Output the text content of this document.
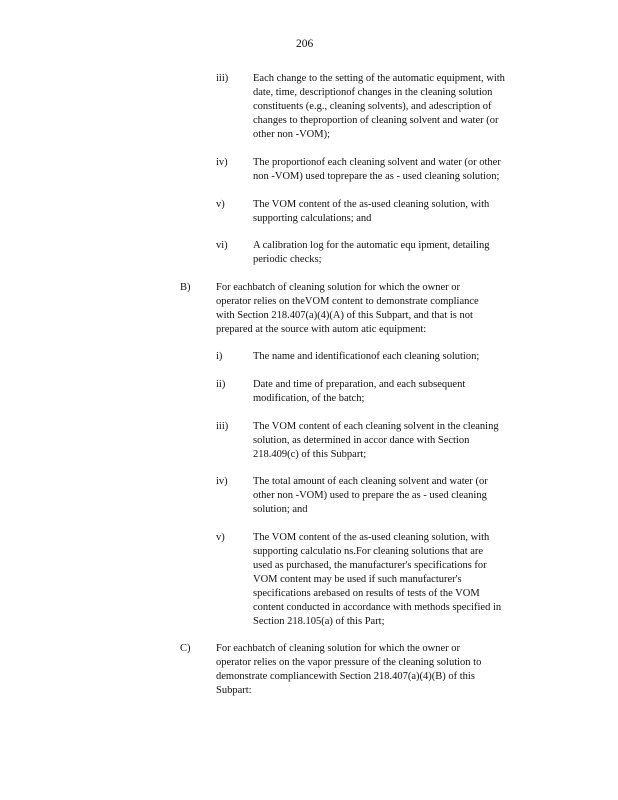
206
iii) Each change to the setting of the automatic equipment, with
date, time, descriptionof changes in the cleaning solution
constituents (e.g., cleaning solvents), and adescription of
changes to theproportion of cleaning solvent and water (or
other non -VOM);
iv) The proportionof each cleaning solvent and water (or other
non -VOM) used toprepare the as - used cleaning solution;
v)	The VOM content of the as-used cleaning solution, with
supporting calculations; and
vi) A calibration log for the automatic equ ipment, detailing
periodic checks;
B) For eachbatch of cleaning solution for which the owner or
operator relies on theVOM content to demonstrate compliance
with Section 218.407(a)(4)(A) of this Subpart, and that is not
prepared at the source with autom atic equipment:
i)	The name and identificationof each cleaning solution;
ii)	Date and time of preparation, and each subsequent
modification, of the batch;
iii) The VOM content of each cleaning solvent in the cleaning
solution, as determined in accor dance with Section
218.409(c) of this Subpart;
iv) The total amount of each cleaning solvent and water (or
other non -VOM) used to prepare the as - used cleaning
solution; and
v)	The VOM content of the as-used cleaning solution, with
supporting calculatio ns.For cleaning solutions that are
used as purchased, the manufacturer's specifications for
VOM content may be used if such manufacturer's
specifications arebased on results of tests of the VOM
content conducted in accordance with methods specified in
Section 218.105(a) of this Part;
C) For eachbatch of cleaning solution for which the owner or
operator relies on the vapor pressure of the cleaning solution to
demonstrate compliancewith Section 218.407(a)(4)(B) of this
Subpart:
